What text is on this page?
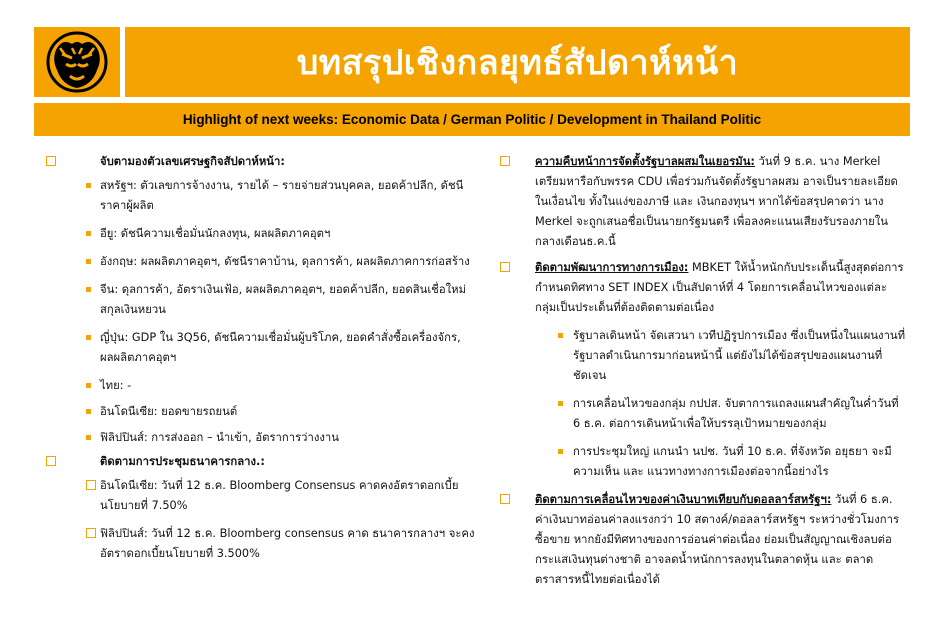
บทสรุปเชิงกลยุทธ์สัปดาห์หน้า
Highlight of next weeks: Economic Data / German Politic / Development in Thailand Politic
จับตามองตัวเลขเศรษฐกิจสัปดาห์หน้า:
สหรัฐฯ: ตัวเลขการจ้างงาน, รายได้ – รายจ่ายส่วนบุคคล, ยอดค้าปลีก, ดัชนีราคาผู้ผลิต
อียู: ดัชนีความเชื่อมั่นนักลงทุน, ผลผลิตภาคอุตฯ
อังกฤษ: ผลผลิตภาคอุตฯ, ดัชนีราคาบ้าน, ดุลการค้า, ผลผลิตภาคการก่อสร้าง
จีน: ดุลการค้า, อัตราเงินเฟ้อ, ผลผลิตภาคอุตฯ, ยอดค้าปลีก, ยอดสินเชื่อใหม่สกุลเงินหยวน
ญี่ปุ่น: GDP ใน 3Q56, ดัชนีความเชื่อมั่นผู้บริโภค, ยอดคำสั่งซื้อเครื่องจักร, ผลผลิตภาคอุตฯ
ไทย: -
อินโดนีเซีย: ยอดขายรถยนต์
ฟิลิปปินส์: การส่งออก – นำเข้า, อัตราการว่างงาน
ติดตามการประชุมธนาคารกลาง.:
อินโดนีเซีย: วันที่ 12 ธ.ค. Bloomberg Consensus คาดคงอัตราดอกเบี้ยนโยบายที่ 7.50%
ฟิลิปปินส์: วันที่ 12 ธ.ค. Bloomberg consensus คาด ธนาคารกลางฯ จะคงอัตราดอกเบี้ยนโยบายที่ 3.500%
ความคืบหน้าการจัดตั้งรัฐบาลผสมในเยอรมัน: วันที่ 9 ธ.ค. นาง Merkel เตรียมหารือกับพรรค CDU เพื่อร่วมกันจัดตั้งรัฐบาลผสม อาจเป็นรายละเอียดในเงื่อนไข ทั้งในแง่ของภาษี และ เงินกองทุนฯ หากได้ข้อสรุปคาดว่า นาง Merkel จะถูกเสนอชื่อเป็นนายกรัฐมนตรี เพื่อลงคะแนนเสียงรับรองภายในกลางเดือนธ.ค.นี้
ติดตามพัฒนาการทางการเมือง: MBKET ให้น้ำหนักกับประเด็นนี้สูงสุดต่อการกำหนดทิศทาง SET INDEX เป็นสัปดาห์ที่ 4 โดยการเคลื่อนไหวของแต่ละกลุ่มเป็นประเด็นที่ต้องติดตามต่อเนื่อง
รัฐบาลเดินหน้า จัดเสวนา เวทีปฏิรูปการเมือง ซึ่งเป็นหนึ่งในแผนงานที่รัฐบาลดำเนินการมาก่อนหน้านี้ แต่ยังไม่ได้ข้อสรุปของแผนงานที่ชัดเจน
การเคลื่อนไหวของกลุ่ม กปปส. จับตาการแถลงแผนสำคัญในค่ำวันที่ 6 ธ.ค. ต่อการเดินหน้าเพื่อให้บรรลุเป้าหมายของกลุ่ม
การประชุมใหญ่ แกนนำ นปช. วันที่ 10 ธ.ค. ที่จังหวัด อยุธยา จะมีความเห็น และ แนวทางทางการเมืองต่อจากนี้อย่างไร
ติดตามการเคลื่อนไหวของค่าเงินบาทเทียบกับดอลลาร์สหรัฐฯ: วันที่ 6 ธ.ค. ค่าเงินบาทอ่อนค่าลงแรงกว่า 10 สตางค์/ดอลลาร์สหรัฐฯ ระหว่างชั่วโมงการซื้อขาย หากยังมีทิศทางของการอ่อนค่าต่อเนื่อง ย่อมเป็นสัญญาณเชิงลบต่อกระแสเงินทุนต่างชาติ อาจลดน้ำหนักการลงทุนในตลาดหุ้น และ ตลาดตราสารหนี้ไทยต่อเนื่องได้
